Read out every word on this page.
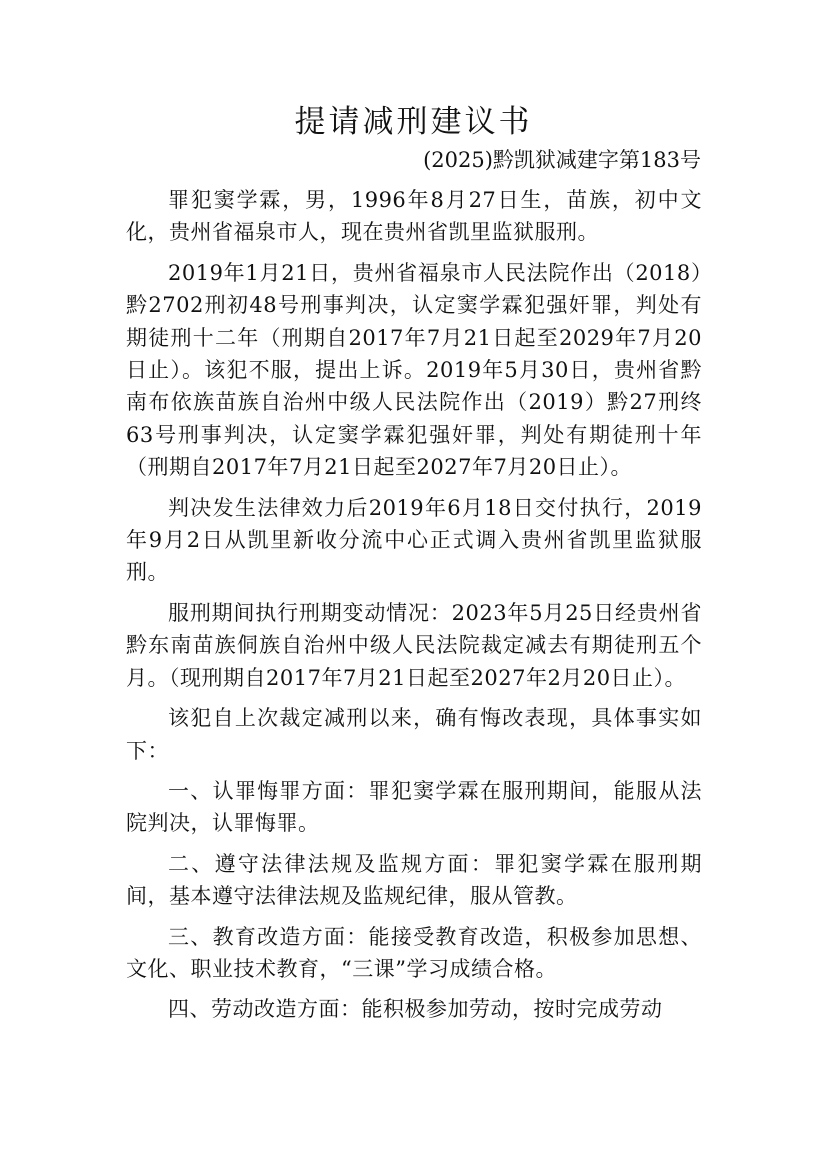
提请减刑建议书
(2025)黔凯狱减建字第183号

罪犯窦学霖，男，1996年8月27日生，苗族，初中文化，贵州省福泉市人，现在贵州省凯里监狱服刑。

2019年1月21日，贵州省福泉市人民法院作出（2018）黔2702刑初48号刑事判决，认定窦学霖犯强奸罪，判处有期徒刑十二年（刑期自2017年7月21日起至2029年7月20日止）。该犯不服，提出上诉。2019年5月30日，贵州省黔南布依族苗族自治州中级人民法院作出（2019）黔27刑终63号刑事判决，认定窦学霖犯强奸罪，判处有期徒刑十年（刑期自2017年7月21日起至2027年7月20日止）。

判决发生法律效力后2019年6月18日交付执行，2019年9月2日从凯里新收分流中心正式调入贵州省凯里监狱服刑。

服刑期间执行刑期变动情况：2023年5月25日经贵州省黔东南苗族侗族自治州中级人民法院裁定减去有期徒刑五个月。（现刑期自2017年7月21日起至2027年2月20日止）。

该犯自上次裁定减刑以来，确有悔改表现，具体事实如下：

一、认罪悔罪方面：罪犯窦学霖在服刑期间，能服从法院判决，认罪悔罪。

二、遵守法律法规及监规方面：罪犯窦学霖在服刑期间，基本遵守法律法规及监规纪律，服从管教。

三、教育改造方面：能接受教育改造，积极参加思想、文化、职业技术教育，“三课”学习成绩合格。

四、劳动改造方面：能积极参加劳动，按时完成劳动
